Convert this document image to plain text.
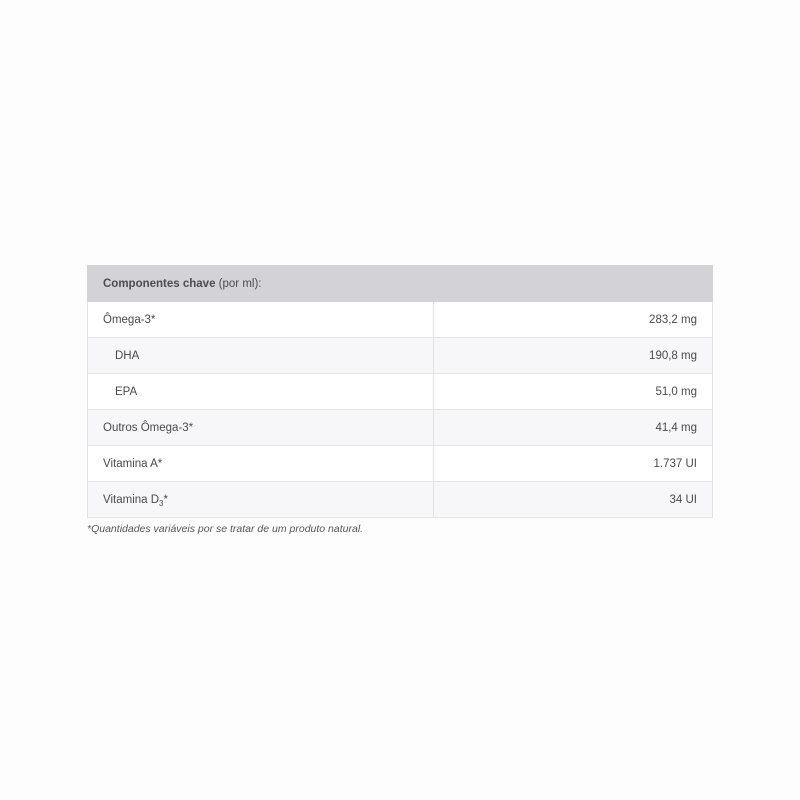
Componentes chave (por ml):	
Ômega-3*	283,2 mg
DHA	190,8 mg
EPA	51,0 mg
Outros Ômega-3*	41,4 mg
Vitamina A*	1.737 UI
Vitamina $D_3*$	34 UI
*Quantidades variáveis por se tratar de um produto natural.
